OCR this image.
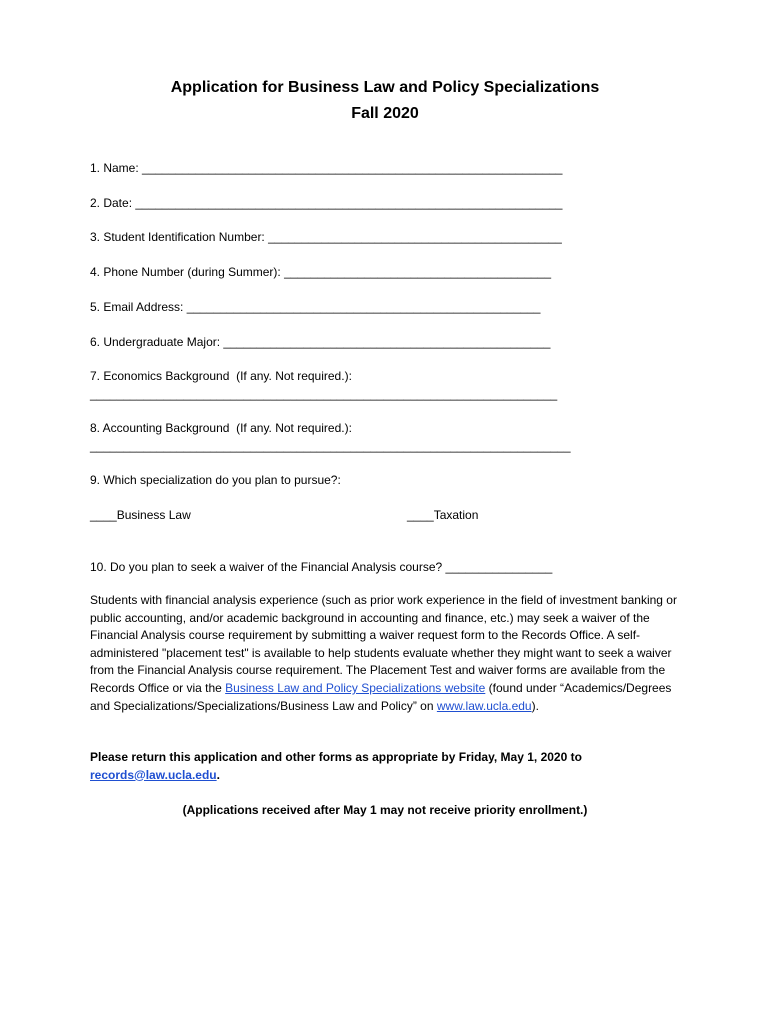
Application for Business Law and Policy Specializations
Fall 2020
1. Name: _______________________________________________________________
2. Date: ________________________________________________________________
3. Student Identification Number: ____________________________________________
4. Phone Number (during Summer): ________________________________________
5. Email Address: _____________________________________________________
6. Undergraduate Major: _________________________________________________
7. Economics Background  (If any. Not required.):
______________________________________________________________________
8. Accounting Background  (If any. Not required.):
________________________________________________________________________
9. Which specialization do you plan to pursue?:
____Business Law	____Taxation
10. Do you plan to seek a waiver of the Financial Analysis course? ________________
Students with financial analysis experience (such as prior work experience in the field of investment banking or public accounting, and/or academic background in accounting and finance, etc.) may seek a waiver of the Financial Analysis course requirement by submitting a waiver request form to the Records Office. A self-administered "placement test" is available to help students evaluate whether they might want to seek a waiver from the Financial Analysis course requirement. The Placement Test and waiver forms are available from the Records Office or via the Business Law and Policy Specializations website (found under “Academics/Degrees and Specializations/Specializations/Business Law and Policy” on www.law.ucla.edu).
Please return this application and other forms as appropriate by Friday, May 1, 2020 to records@law.ucla.edu.
(Applications received after May 1 may not receive priority enrollment.)
